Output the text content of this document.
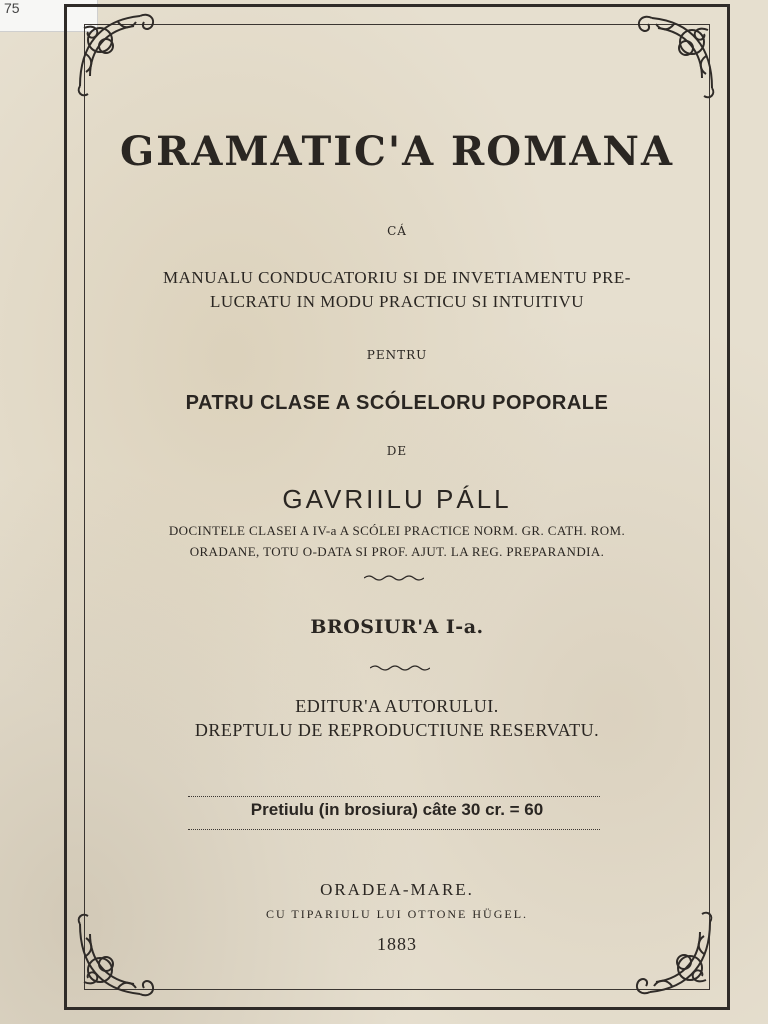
75
GRAMATIC'A ROMANA
CÁ
MANUALU CONDUCATORIU SI DE INVETIAMENTU PRE-
LUCRATU IN MODU PRACTICU SI INTUITIVU
PENTRU
PATRU CLASE A SCÓLELORU POPORALE
DE
GAVRIILU PÁLL
DOCINTELE CLASEI A IV-a A SCÓLEI PRACTICE NORM. GR. CATH. ROM.
ORADANE, TOTU O-DATA SI PROF. AJUT. LA REG. PREPARANDIA.
BROSIUR'A I-a.
EDITUR'A AUTORULUI.
DREPTULU DE REPRODUCTIUNE RESERVATU.
Pretiulu (in brosiura) câte 30 cr. = 60
ORADEA-MARE.
CU TIPARIULU LUI OTTONE HÜGEL.
1883
